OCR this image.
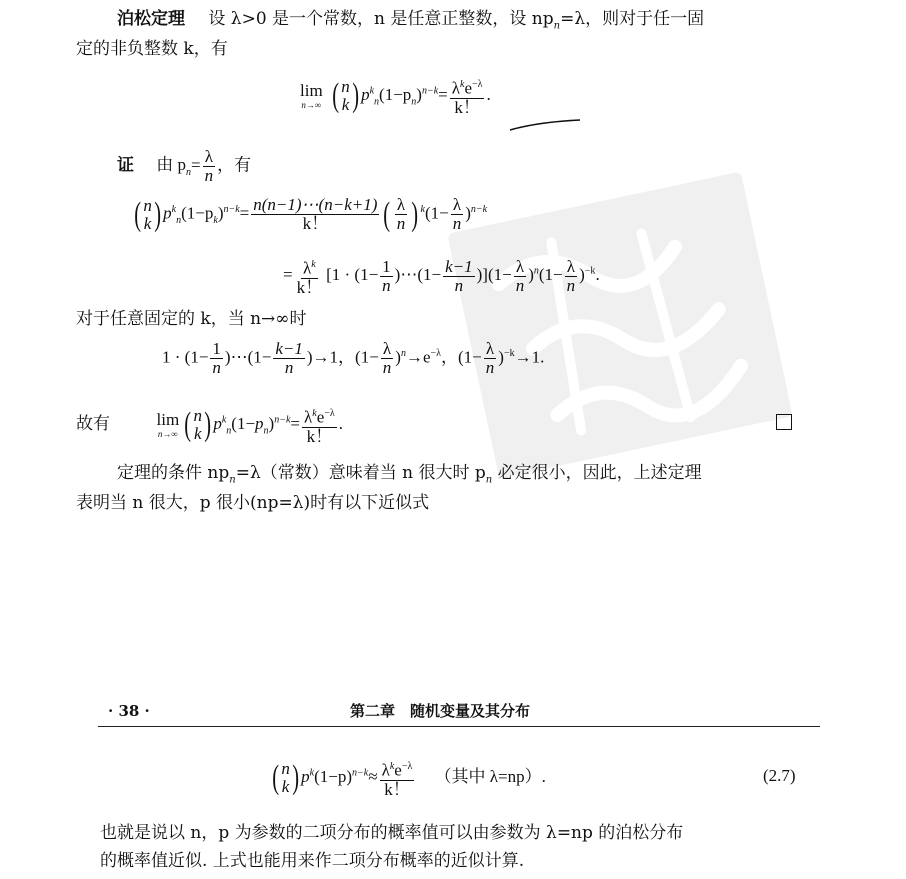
泊松定理 设 λ>0 是一个常数，n 是任意正整数，设 $np_n=\lambda$，则对于任一固
定的非负整数 k，有
lim
n→∞
( n
k ) $p^k_n(1-p_n)^{n-k}= \frac{\lambda^ke^{-\lambda}}{k!}$ .
证 由 $p_n= \frac{\lambda}{n}$ ，有
( n
k ) $p^k_n(1-p_k)^{n-k}= \frac{n(n-1)\cdots(n-k+1)}{k!}$ ( $\frac{\lambda}{n}$ ) $^k(1- \frac{\lambda}{n} )^{n-k}$
= $\frac{\lambda^k}{k!} [1 \cdot (1- \frac{1}{n}$ )⋯(1− $\frac{k-1}{n} )](1- \frac{\lambda}{n} )^n(1- \frac{\lambda}{n} )^{-k}$.
对于任意固定的 k，当 n→∞时
$1 \cdot (1- \frac{1}{n}$ )⋯(1− $\frac{k-1}{n} )\to 1$，$(1- \frac{\lambda}{n} )^n\to e^{-\lambda}$，$(1- \frac{\lambda}{n} )^{-k}\to 1$.
故有	lim
n→∞ ( n
k ) $p^k_n(1-p_n)^{n-k}= \frac{\lambda^ke^{-\lambda}}{k!}$ .
定理的条件 $np_n=\lambda$（常数）意味着当 n 很大时 $p_n$ 必定很小，因此，上述定理
表明当 n 很大，p 很小(np=λ)时有以下近似式
· 38 ·	第二章　随机变量及其分布
( n
k ) $p^k(1-p)^{n-k}\approx \frac{\lambda^ke^{-\lambda}}{k!}$ （其中 λ=np）.	(2.7)
也就是说以 n，p 为参数的二项分布的概率值可以由参数为 λ=np 的泊松分布
的概率值近似. 上式也能用来作二项分布概率的近似计算.
